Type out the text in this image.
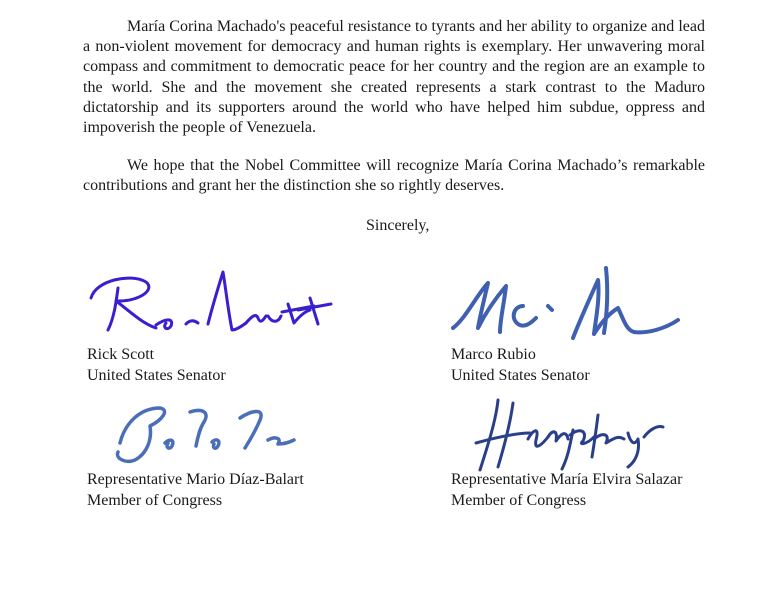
María Corina Machado's peaceful resistance to tyrants and her ability to organize and lead a non-violent movement for democracy and human rights is exemplary. Her unwavering moral compass and commitment to democratic peace for her country and the region are an example to the world. She and the movement she created represents a stark contrast to the Maduro dictatorship and its supporters around the world who have helped him subdue, oppress and impoverish the people of Venezuela.

We hope that the Nobel Committee will recognize María Corina Machado’s remarkable contributions and grant her the distinction she so rightly deserves.

Sincerely,
Rick Scott
United States Senator
Marco Rubio
United States Senator
Representative Mario Díaz-Balart
Member of Congress
Representative María Elvira Salazar
Member of Congress
